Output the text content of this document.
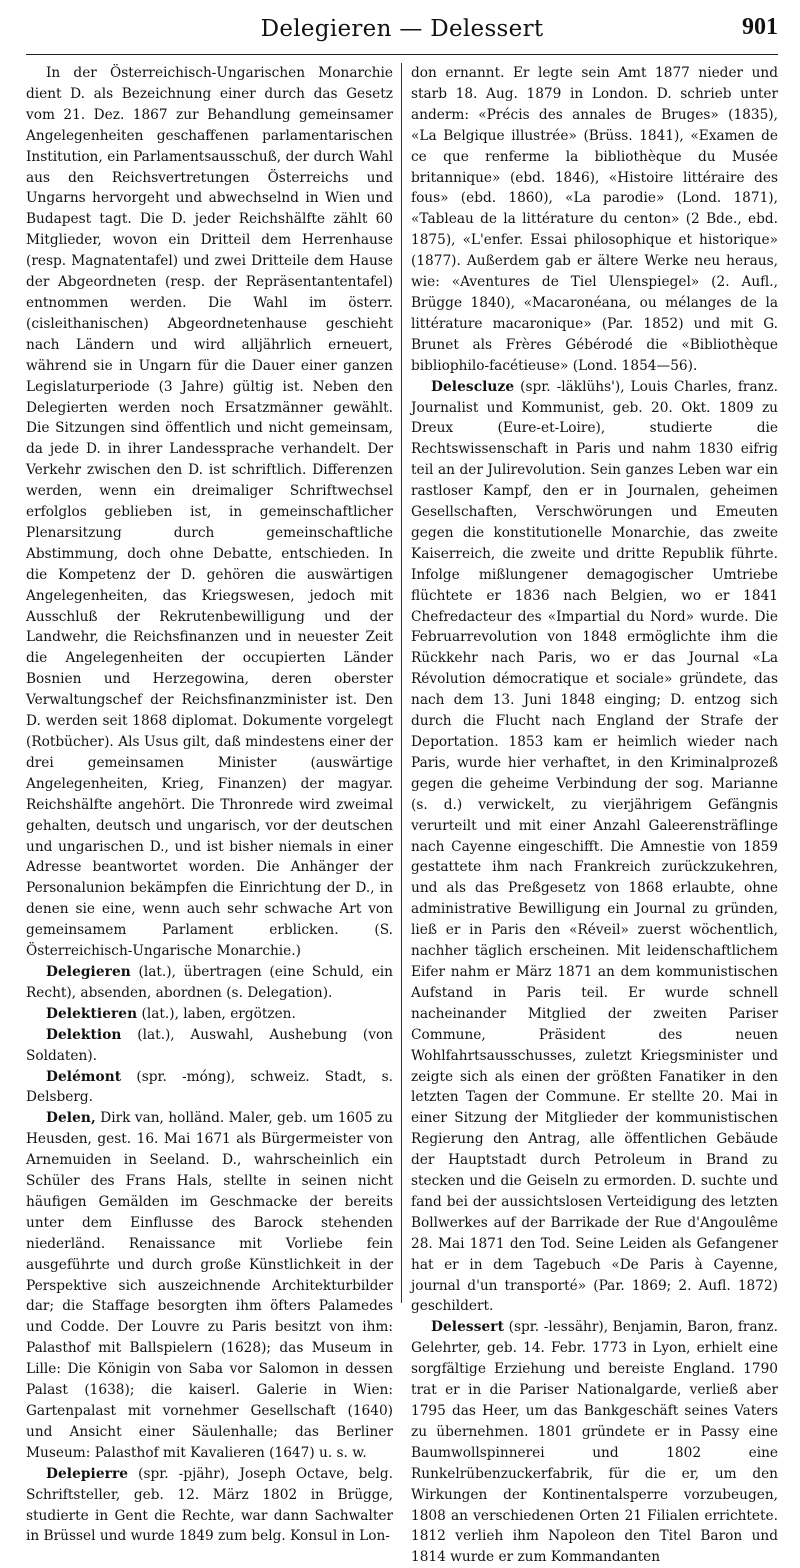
Delegieren — Delessert	901

In der Österreichisch-Ungarischen Monarchie dient D. als Bezeichnung einer durch das Gesetz vom 21. Dez. 1867 zur Behandlung gemeinsamer Angelegenheiten geschaffenen parlamentarischen Institution, ein Parlamentsausschuß, der durch Wahl aus den Reichsvertretungen Österreichs und Ungarns hervorgeht und abwechselnd in Wien und Budapest tagt. Die D. jeder Reichshälfte zählt 60 Mitglieder, wovon ein Dritteil dem Herrenhause (resp. Magnatentafel) und zwei Dritteile dem Hause der Abgeordneten (resp. der Repräsentantentafel) entnommen werden. Die Wahl im österr. (cisleithanischen) Abgeordnetenhause geschieht nach Ländern und wird alljährlich erneuert, während sie in Ungarn für die Dauer einer ganzen Legislaturperiode (3 Jahre) gültig ist. Neben den Delegierten werden noch Ersatzmänner gewählt. Die Sitzungen sind öffentlich und nicht gemeinsam, da jede D. in ihrer Landessprache verhandelt. Der Verkehr zwischen den D. ist schriftlich. Differenzen werden, wenn ein dreimaliger Schriftwechsel erfolglos geblieben ist, in gemeinschaftlicher Plenarsitzung durch gemeinschaftliche Abstimmung, doch ohne Debatte, entschieden. In die Kompetenz der D. gehören die auswärtigen Angelegenheiten, das Kriegswesen, jedoch mit Ausschluß der Rekrutenbewilligung und der Landwehr, die Reichsfinanzen und in neuester Zeit die Angelegenheiten der occupierten Länder Bosnien und Herzegowina, deren oberster Verwaltungschef der Reichsfinanzminister ist. Den D. werden seit 1868 diplomat. Dokumente vorgelegt (Rotbücher). Als Usus gilt, daß mindestens einer der drei gemeinsamen Minister (auswärtige Angelegenheiten, Krieg, Finanzen) der magyar. Reichshälfte angehört. Die Thronrede wird zweimal gehalten, deutsch und ungarisch, vor der deutschen und ungarischen D., und ist bisher niemals in einer Adresse beantwortet worden. Die Anhänger der Personalunion bekämpfen die Einrichtung der D., in denen sie eine, wenn auch sehr schwache Art von gemeinsamem Parlament erblicken. (S. Österreichisch-Ungarische Monarchie.)

Delegieren (lat.), übertragen (eine Schuld, ein Recht), absenden, abordnen (s. Delegation).

Delektieren (lat.), laben, ergötzen.

Delektion (lat.), Auswahl, Aushebung (von Soldaten).

Delémont (spr. -móng), schweiz. Stadt, s. Delsberg.

Delen, Dirk van, holländ. Maler, geb. um 1605 zu Heusden, gest. 16. Mai 1671 als Bürgermeister von Arnemuiden in Seeland. D., wahrscheinlich ein Schüler des Frans Hals, stellte in seinen nicht häufigen Gemälden im Geschmacke der bereits unter dem Einflusse des Barock stehenden niederländ. Renaissance mit Vorliebe fein ausgeführte und durch große Künstlichkeit in der Perspektive sich auszeichnende Architekturbilder dar; die Staffage besorgten ihm öfters Palamedes und Codde. Der Louvre zu Paris besitzt von ihm: Palasthof mit Ballspielern (1628); das Museum in Lille: Die Königin von Saba vor Salomon in dessen Palast (1638); die kaiserl. Galerie in Wien: Gartenpalast mit vornehmer Gesellschaft (1640) und Ansicht einer Säulenhalle; das Berliner Museum: Palasthof mit Kavalieren (1647) u. s. w.

Delepierre (spr. -pjähr), Joseph Octave, belg. Schriftsteller, geb. 12. März 1802 in Brügge, studierte in Gent die Rechte, war dann Sachwalter in Brüssel und wurde 1849 zum belg. Konsul in Lon-

don ernannt. Er legte sein Amt 1877 nieder und starb 18. Aug. 1879 in London. D. schrieb unter anderm: «Précis des annales de Bruges» (1835), «La Belgique illustrée» (Brüss. 1841), «Examen de ce que renferme la bibliothèque du Musée britannique» (ebd. 1846), «Histoire littéraire des fous» (ebd. 1860), «La parodie» (Lond. 1871), «Tableau de la littérature du centon» (2 Bde., ebd. 1875), «L'enfer. Essai philosophique et historique» (1877). Außerdem gab er ältere Werke neu heraus, wie: «Aventures de Tiel Ulenspiegel» (2. Aufl., Brügge 1840), «Macaronéana, ou mélanges de la littérature macaronique» (Par. 1852) und mit G. Brunet als Frères Gébérodé die «Bibliothèque bibliophilo-facétieuse» (Lond. 1854—56).

Delescluze (spr. -läklühs'), Louis Charles, franz. Journalist und Kommunist, geb. 20. Okt. 1809 zu Dreux (Eure-et-Loire), studierte die Rechtswissenschaft in Paris und nahm 1830 eifrig teil an der Julirevolution. Sein ganzes Leben war ein rastloser Kampf, den er in Journalen, geheimen Gesellschaften, Verschwörungen und Emeuten gegen die konstitutionelle Monarchie, das zweite Kaiserreich, die zweite und dritte Republik führte. Infolge mißlungener demagogischer Umtriebe flüchtete er 1836 nach Belgien, wo er 1841 Chefredacteur des «Impartial du Nord» wurde. Die Februarrevolution von 1848 ermöglichte ihm die Rückkehr nach Paris, wo er das Journal «La Révolution démocratique et sociale» gründete, das nach dem 13. Juni 1848 einging; D. entzog sich durch die Flucht nach England der Strafe der Deportation. 1853 kam er heimlich wieder nach Paris, wurde hier verhaftet, in den Kriminalprozeß gegen die geheime Verbindung der sog. Marianne (s. d.) verwickelt, zu vierjährigem Gefängnis verurteilt und mit einer Anzahl Galeerensträflinge nach Cayenne eingeschifft. Die Amnestie von 1859 gestattete ihm nach Frankreich zurückzukehren, und als das Preßgesetz von 1868 erlaubte, ohne administrative Bewilligung ein Journal zu gründen, ließ er in Paris den «Réveil» zuerst wöchentlich, nachher täglich erscheinen. Mit leidenschaftlichem Eifer nahm er März 1871 an dem kommunistischen Aufstand in Paris teil. Er wurde schnell nacheinander Mitglied der zweiten Pariser Commune, Präsident des neuen Wohlfahrtsausschusses, zuletzt Kriegsminister und zeigte sich als einen der größten Fanatiker in den letzten Tagen der Commune. Er stellte 20. Mai in einer Sitzung der Mitglieder der kommunistischen Regierung den Antrag, alle öffentlichen Gebäude der Hauptstadt durch Petroleum in Brand zu stecken und die Geiseln zu ermorden. D. suchte und fand bei der aussichtslosen Verteidigung des letzten Bollwerkes auf der Barrikade der Rue d'Angoulême 28. Mai 1871 den Tod. Seine Leiden als Gefangener hat er in dem Tagebuch «De Paris à Cayenne, journal d'un transporté» (Par. 1869; 2. Aufl. 1872) geschildert.

Delessert (spr. -lessähr), Benjamin, Baron, franz. Gelehrter, geb. 14. Febr. 1773 in Lyon, erhielt eine sorgfältige Erziehung und bereiste England. 1790 trat er in die Pariser Nationalgarde, verließ aber 1795 das Heer, um das Bankgeschäft seines Vaters zu übernehmen. 1801 gründete er in Passy eine Baumwollspinnerei und 1802 eine Runkelrübenzuckerfabrik, für die er, um den Wirkungen der Kontinentalsperre vorzubeugen, 1808 an verschiedenen Orten 21 Filialen errichtete. 1812 verlieh ihm Napoleon den Titel Baron und 1814 wurde er zum Kommandanten
